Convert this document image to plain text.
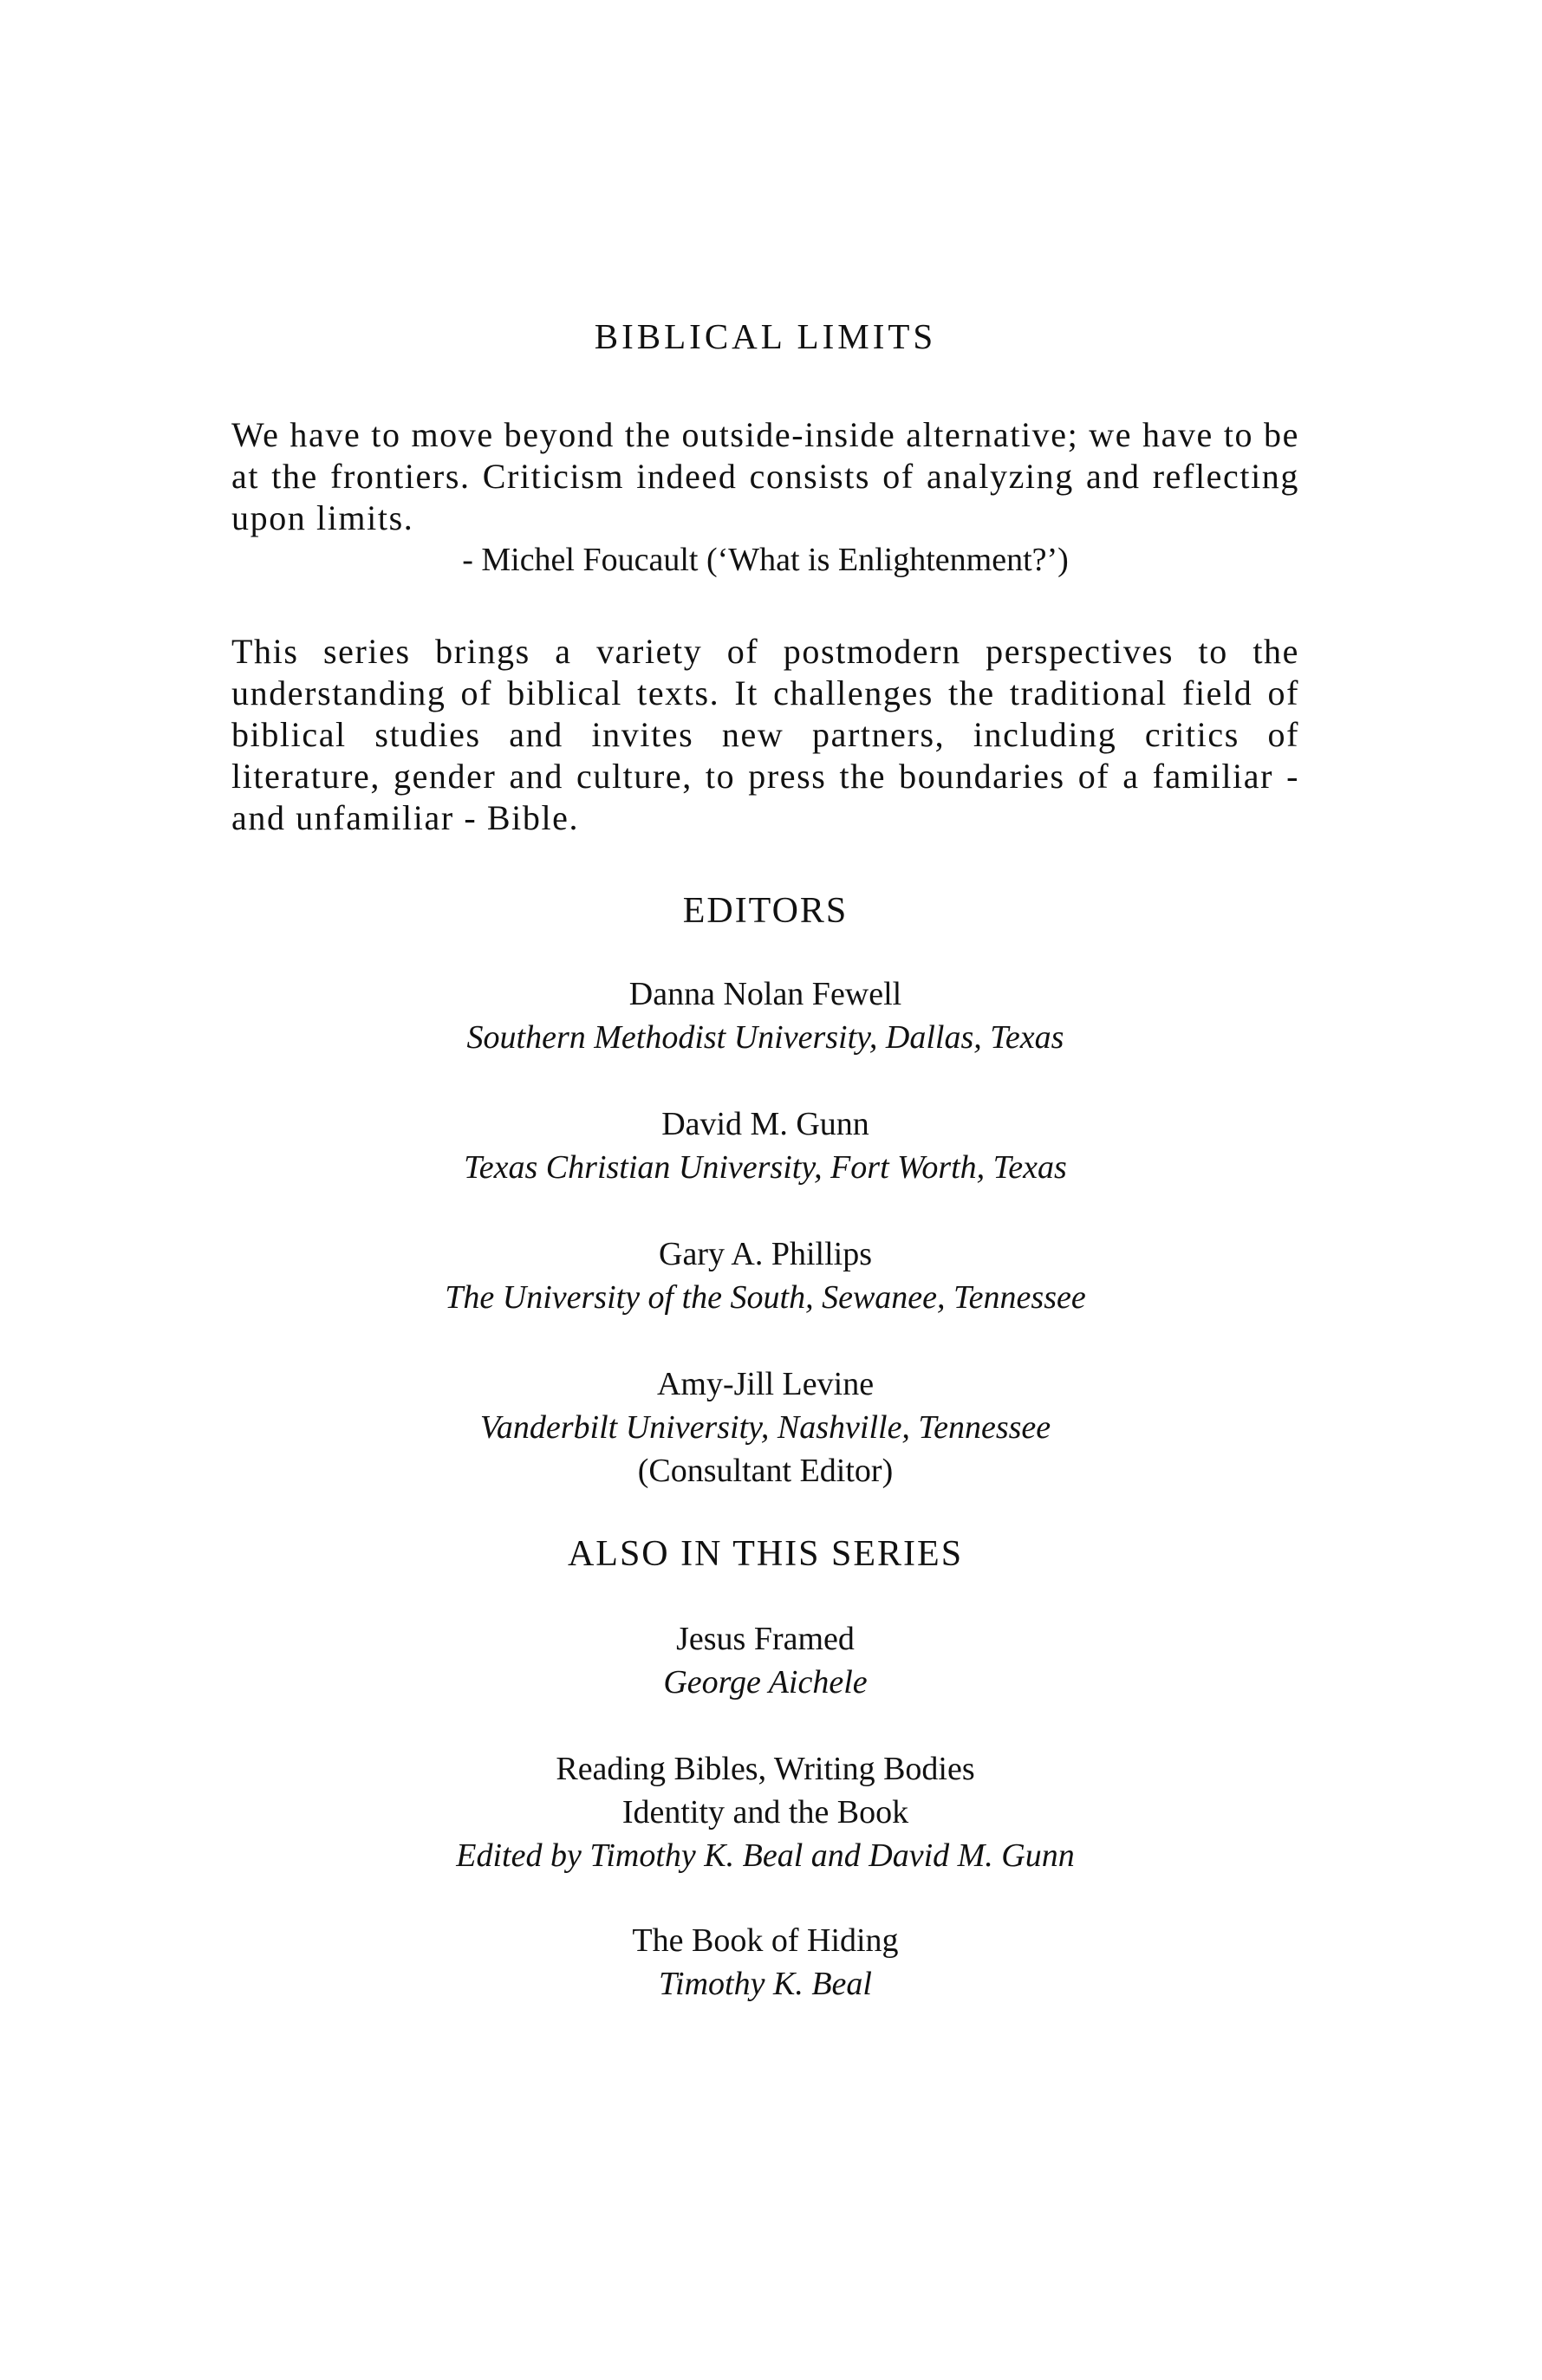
BIBLICAL LIMITS
We have to move beyond the outside-inside alternative; we have to be at the frontiers. Criticism indeed consists of analyzing and reflecting upon limits.
- Michel Foucault (‘What is Enlightenment?’)
This series brings a variety of postmodern perspectives to the understanding of biblical texts. It challenges the traditional field of biblical studies and invites new partners, including critics of literature, gender and culture, to press the boundaries of a familiar - and unfamiliar - Bible.
EDITORS
Danna Nolan Fewell
Southern Methodist University, Dallas, Texas
David M. Gunn
Texas Christian University, Fort Worth, Texas
Gary A. Phillips
The University of the South, Sewanee, Tennessee
Amy-Jill Levine
Vanderbilt University, Nashville, Tennessee
(Consultant Editor)
ALSO IN THIS SERIES
Jesus Framed
George Aichele
Reading Bibles, Writing Bodies
Identity and the Book
Edited by Timothy K. Beal and David M. Gunn
The Book of Hiding
Timothy K. Beal
